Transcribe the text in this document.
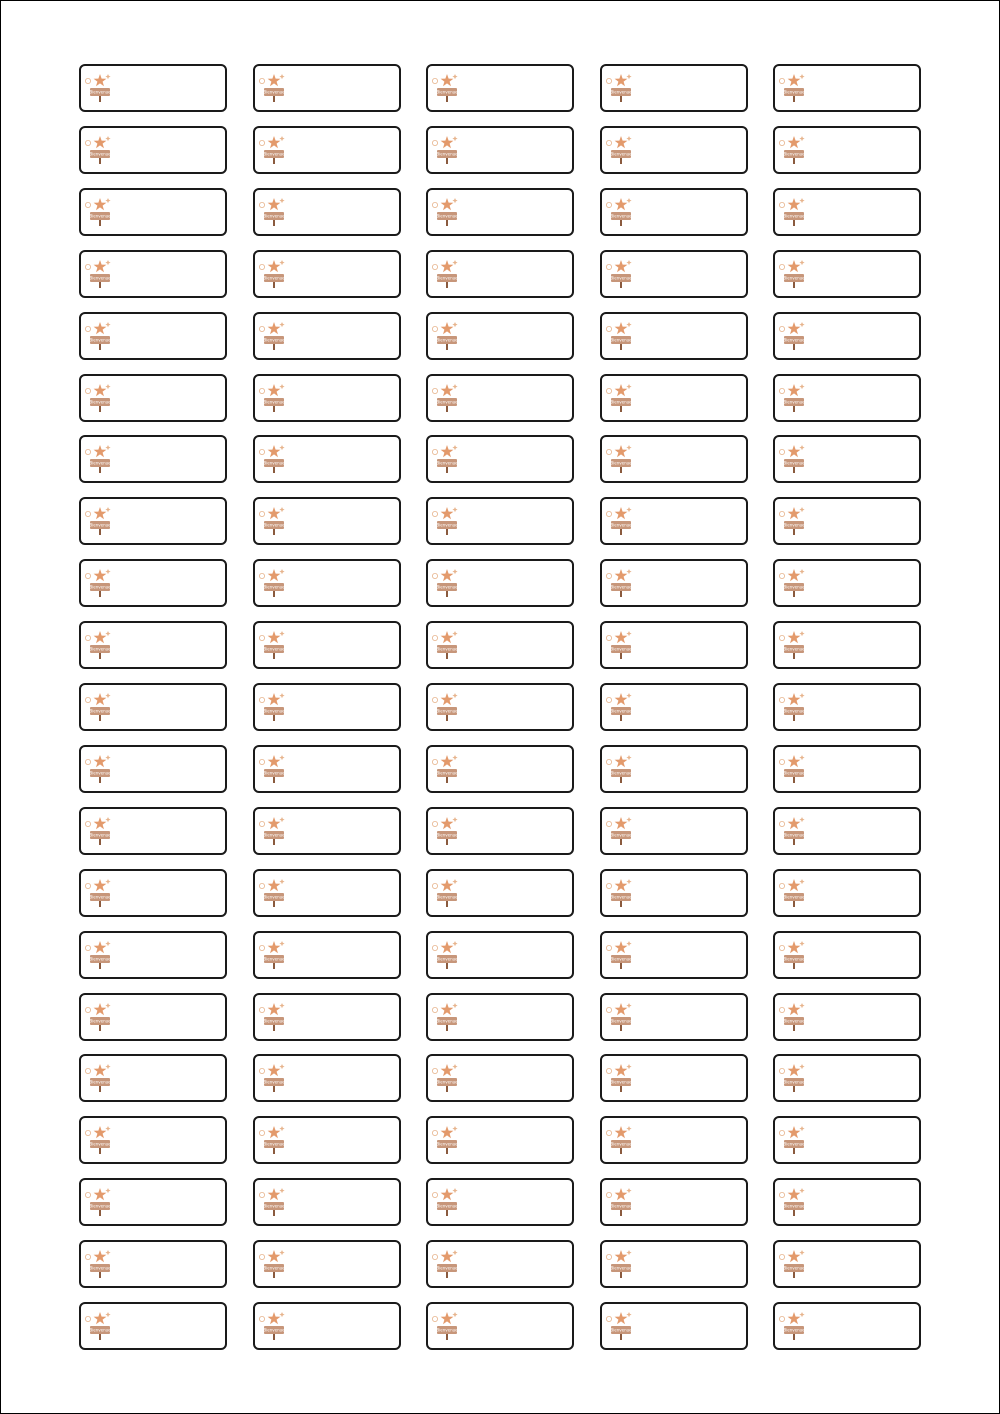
Bienvenue	Bienvenue	Bienvenue	Bienvenue	Bienvenue
Bienvenue	Bienvenue	Bienvenue	Bienvenue	Bienvenue
Bienvenue	Bienvenue	Bienvenue	Bienvenue	Bienvenue
Bienvenue	Bienvenue	Bienvenue	Bienvenue	Bienvenue
Bienvenue	Bienvenue	Bienvenue	Bienvenue	Bienvenue
Bienvenue	Bienvenue	Bienvenue	Bienvenue	Bienvenue
Bienvenue	Bienvenue	Bienvenue	Bienvenue	Bienvenue
Bienvenue	Bienvenue	Bienvenue	Bienvenue	Bienvenue
Bienvenue	Bienvenue	Bienvenue	Bienvenue	Bienvenue
Bienvenue	Bienvenue	Bienvenue	Bienvenue	Bienvenue
Bienvenue	Bienvenue	Bienvenue	Bienvenue	Bienvenue
Bienvenue	Bienvenue	Bienvenue	Bienvenue	Bienvenue
Bienvenue	Bienvenue	Bienvenue	Bienvenue	Bienvenue
Bienvenue	Bienvenue	Bienvenue	Bienvenue	Bienvenue
Bienvenue	Bienvenue	Bienvenue	Bienvenue	Bienvenue
Bienvenue	Bienvenue	Bienvenue	Bienvenue	Bienvenue
Bienvenue	Bienvenue	Bienvenue	Bienvenue	Bienvenue
Bienvenue	Bienvenue	Bienvenue	Bienvenue	Bienvenue
Bienvenue	Bienvenue	Bienvenue	Bienvenue	Bienvenue
Bienvenue	Bienvenue	Bienvenue	Bienvenue	Bienvenue
Bienvenue	Bienvenue	Bienvenue	Bienvenue	Bienvenue
